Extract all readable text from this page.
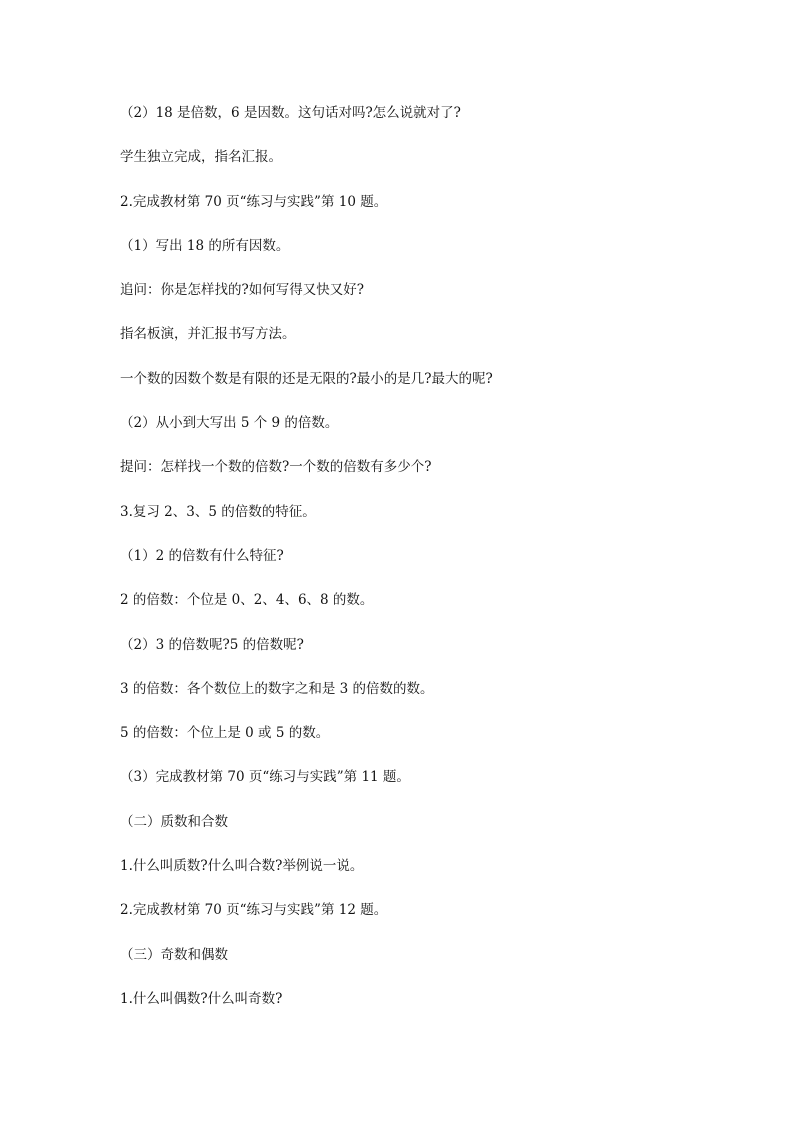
（2）18 是倍数，6 是因数。这句话对吗?怎么说就对了?
学生独立完成，指名汇报。
2.完成教材第 70 页“练习与实践”第 10 题。
（1）写出 18 的所有因数。
追问：你是怎样找的?如何写得又快又好?
指名板演，并汇报书写方法。
一个数的因数个数是有限的还是无限的?最小的是几?最大的呢?
（2）从小到大写出 5 个 9 的倍数。
提问：怎样找一个数的倍数?一个数的倍数有多少个?
3.复习 2、3、5 的倍数的特征。
（1）2 的倍数有什么特征?
2 的倍数：个位是 0、2、4、6、8 的数。
（2）3 的倍数呢?5 的倍数呢?
3 的倍数：各个数位上的数字之和是 3 的倍数的数。
5 的倍数：个位上是 0 或 5 的数。
（3）完成教材第 70 页“练习与实践”第 11 题。
（二）质数和合数
1.什么叫质数?什么叫合数?举例说一说。
2.完成教材第 70 页“练习与实践”第 12 题。
（三）奇数和偶数
1.什么叫偶数?什么叫奇数?
